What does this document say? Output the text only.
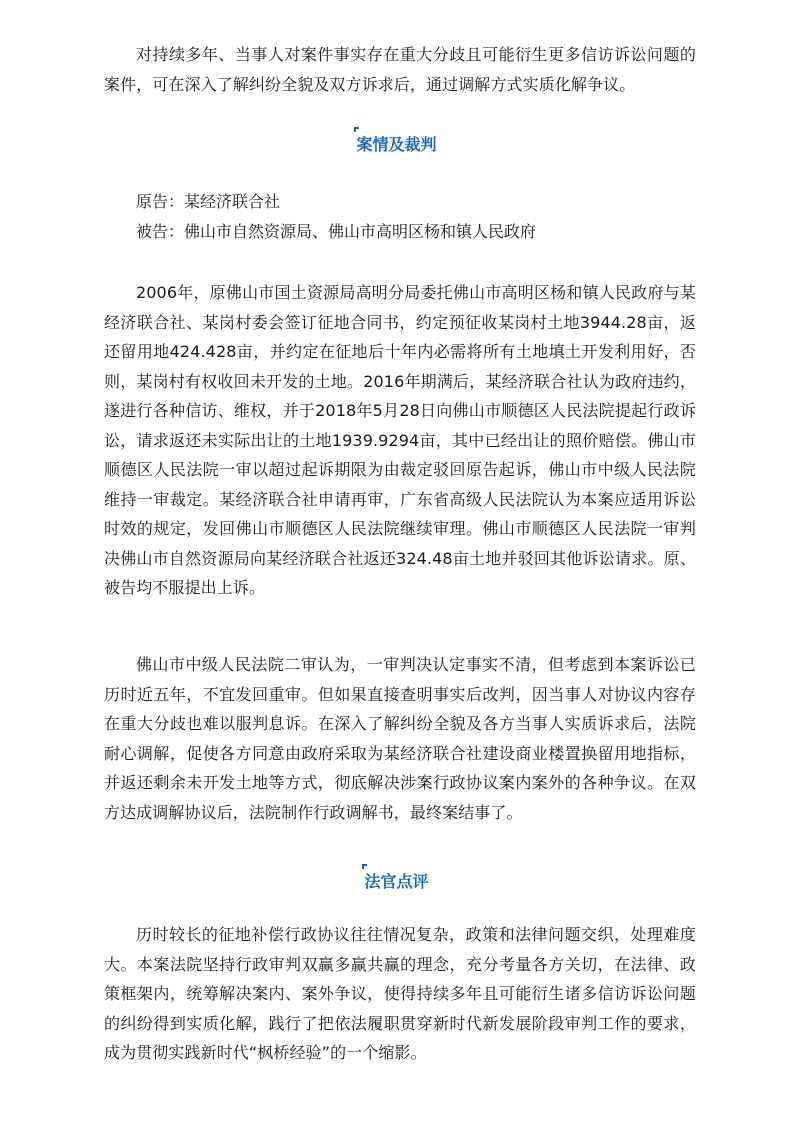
对持续多年、当事人对案件事实存在重大分歧且可能衍生更多信访诉讼问题的案件，可在深入了解纠纷全貌及双方诉求后，通过调解方式实质化解争议。

案情及裁判

原告：某经济联合社

被告：佛山市自然资源局、佛山市高明区杨和镇人民政府

2006年，原佛山市国土资源局高明分局委托佛山市高明区杨和镇人民政府与某经济联合社、某岗村委会签订征地合同书，约定预征收某岗村土地3944.28亩，返还留用地424.428亩，并约定在征地后十年内必需将所有土地填土开发利用好，否则，某岗村有权收回未开发的土地。2016年期满后，某经济联合社认为政府违约，遂进行各种信访、维权，并于2018年5月28日向佛山市顺德区人民法院提起行政诉讼，请求返还未实际出让的土地1939.9294亩，其中已经出让的照价赔偿。佛山市顺德区人民法院一审以超过起诉期限为由裁定驳回原告起诉，佛山市中级人民法院维持一审裁定。某经济联合社申请再审，广东省高级人民法院认为本案应适用诉讼时效的规定，发回佛山市顺德区人民法院继续审理。佛山市顺德区人民法院一审判决佛山市自然资源局向某经济联合社返还324.48亩土地并驳回其他诉讼请求。原、被告均不服提出上诉。

佛山市中级人民法院二审认为，一审判决认定事实不清，但考虑到本案诉讼已历时近五年，不宜发回重审。但如果直接查明事实后改判，因当事人对协议内容存在重大分歧也难以服判息诉。在深入了解纠纷全貌及各方当事人实质诉求后，法院耐心调解，促使各方同意由政府采取为某经济联合社建设商业楼置换留用地指标，并返还剩余未开发土地等方式，彻底解决涉案行政协议案内案外的各种争议。在双方达成调解协议后，法院制作行政调解书，最终案结事了。

法官点评

历时较长的征地补偿行政协议往往情况复杂，政策和法律问题交织，处理难度大。本案法院坚持行政审判双赢多赢共赢的理念，充分考量各方关切，在法律、政策框架内，统筹解决案内、案外争议，使得持续多年且可能衍生诸多信访诉讼问题的纠纷得到实质化解，践行了把依法履职贯穿新时代新发展阶段审判工作的要求，成为贯彻实践新时代“枫桥经验”的一个缩影。
